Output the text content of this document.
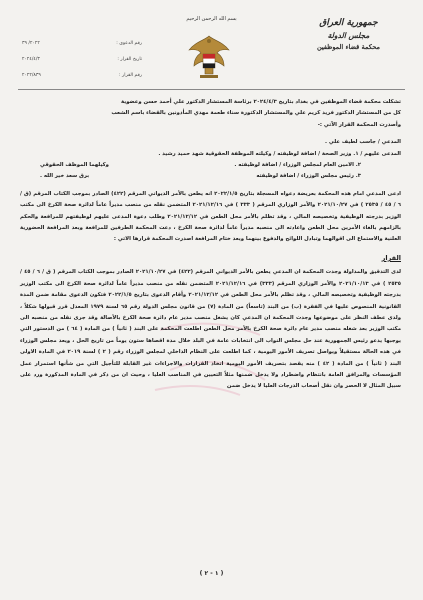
بسم الله الرحمن الرحيم	جمهورية العراق
مجلس الدولة
محكمة قضاء الموظفين
رقم الدعوى :
٢٠٢٢/ ٣٩
تاريخ القرار :
٢٠٢٤/٤/٣
رقم القرار :
٢٠٢٢/٨٣٩

تشكلت محكمة قضاء الموظفين في بغداد بتاريخ ٢٠٢٤/٤/٣ برئاسة المستشار الدكتور علي أحمد حسن وعضوية

كل من المستشار الدكتور فريد كريم علي والمستشار الدكتورة سناء طعمة مهدي المأذونين بالقضاء باسم الشعب

وأصدرت المحكمة القرار الآتي :-

المدعي / جاسب لطيف علي .

المدعى عليهم / ١. وزير الصحة / اضافة لوظيفته / وكيلته الموظفة الحقوقية شهد حميد رشيد .
٢. الامين العام لمجلس الوزراء / اضافة لوظيفته .
وكيلهما الموظف الحقوقي
٣. رئيس مجلس الوزراء / اضافة لوظيفته
برق سعد خير الله .

ادعى المدعي امام هذه المحكمة بعريضة دعواه المسجلة بتاريخ ٢٠٢٢/١/٥ انه يطعن بالأمر الديواني المرقم (٤٢٢) الصادر بموجب الكتاب المرقم (ق / ٦ / ٤٥ / ٢٥٣٥ ) في ٢٠٢١/١٠/٢٧ والأمر الوزاري المرقم ( ٣٣٣ ) في ٢٠٢١/١٢/١٦ المتضمن نقله من منصب مديراً عاماً لدائرة صحة الكرخ الى مكتب الوزير بدرجته الوظيفية وتخصيصه المالي ، وقد تظلم بالأمر محل الطعن في ٢٠٢١/١٢/١٢ وطلب دعوة المدعى عليهم لوظيفتهم للمرافعة والحكم بالزامهم بالغاء الأمرين محل الطعن واعادته الى منصبه مديراً عاماً لدائرة صحة الكرخ ، دعت المحكمة الطرفين للمرافعة وبعد المرافعة الحضورية العلنية والاستماع الى اقوالهما وتبادل اللوائح والدفوع بينهما وبعد ختام المرافعة اصدرت المحكمة قرارها الاتي :

القرار

لدى التدقيق والمداولة وجدت المحكمة ان المدعي يطعن بالأمر الديواني المرقم (٤٢٢) في ٢٠٢١/١٠/٢٧ الصادر بموجب الكتاب المرقم ( ق / ٦ / ٤٥ / ٢٥٣٥ ) في ٢٠٢١/١٠/١٣ والأمر الوزاري المرقم (٣٣٣) في ٢٠٢١/١٢/١٦ المتضمن نقله من منصب مديراً عاماً لدائرة صحة الكرخ الى مكتب الوزير بدرجته الوظيفية وتخصيصه المالي ، وقد تظلم بالأمر محل الطعن في ٢٠٢١/١٢/١٢ وأقام الدعوى بتاريخ ٢٠٢٢/١/٥ فتكون الدعوى مقامة ضمن المدة القانونية المنصوص عليها في الفقرة (ب) من البند (تاسعاً) من المادة (٧) من قانون مجلس الدولة رقم ٦٥ لسنة ١٩٧٩ المعدل قرر قبولها شكلاً ، ولدى عطف النظر على موضوعها وجدت المحكمة ان المدعي كان يشغل منصب مدير عام دائرة صحة الكرخ بالأصالة وقد جرى نقله من منصبه الى مكتب الوزير بعد شغله منصب مدير عام دائرة صحة الكرخ بالأمر محل الطعن اطلعت المحكمة على البند ( ثانياً ) من المادة ( ٦٤ ) من الدستور التي يوجبها يدعو رئيس الجمهورية عند حل مجلس النواب الى انتخابات عامة في البلد خلال مدة اقصاها ستون يوماً من تاريخ الحل ، ويعد مجلس الوزراء في هذه الحالة مستقيلاً ويواصل تصريف الأمور اليومية ، كما اطلعت على النظام الداخلي لمجلس الوزراء رقم ( ٢ ) لسنة ٢٠١٩ في المادة الاولى البند ( ثانياً ) من المادة ( ٤٢ ) منه يقصد بتصريف الأمور اليومية اتخاذ القرارات والاجراءات غير القابلة للتأجيل التي من شأنها استمرار عمل المؤسسات والمرافق العامة بانتظام واضطراد ولا يدخل ضمنها مثلاً التعيين في المناصب العليا ، وحيث ان من ذكر في المادة المذكورة ورد على سبيل المثال لا الحصر وان نقل أصحاب الدرجات العليا لا يدخل ضمن

( ١ - ٢ )
